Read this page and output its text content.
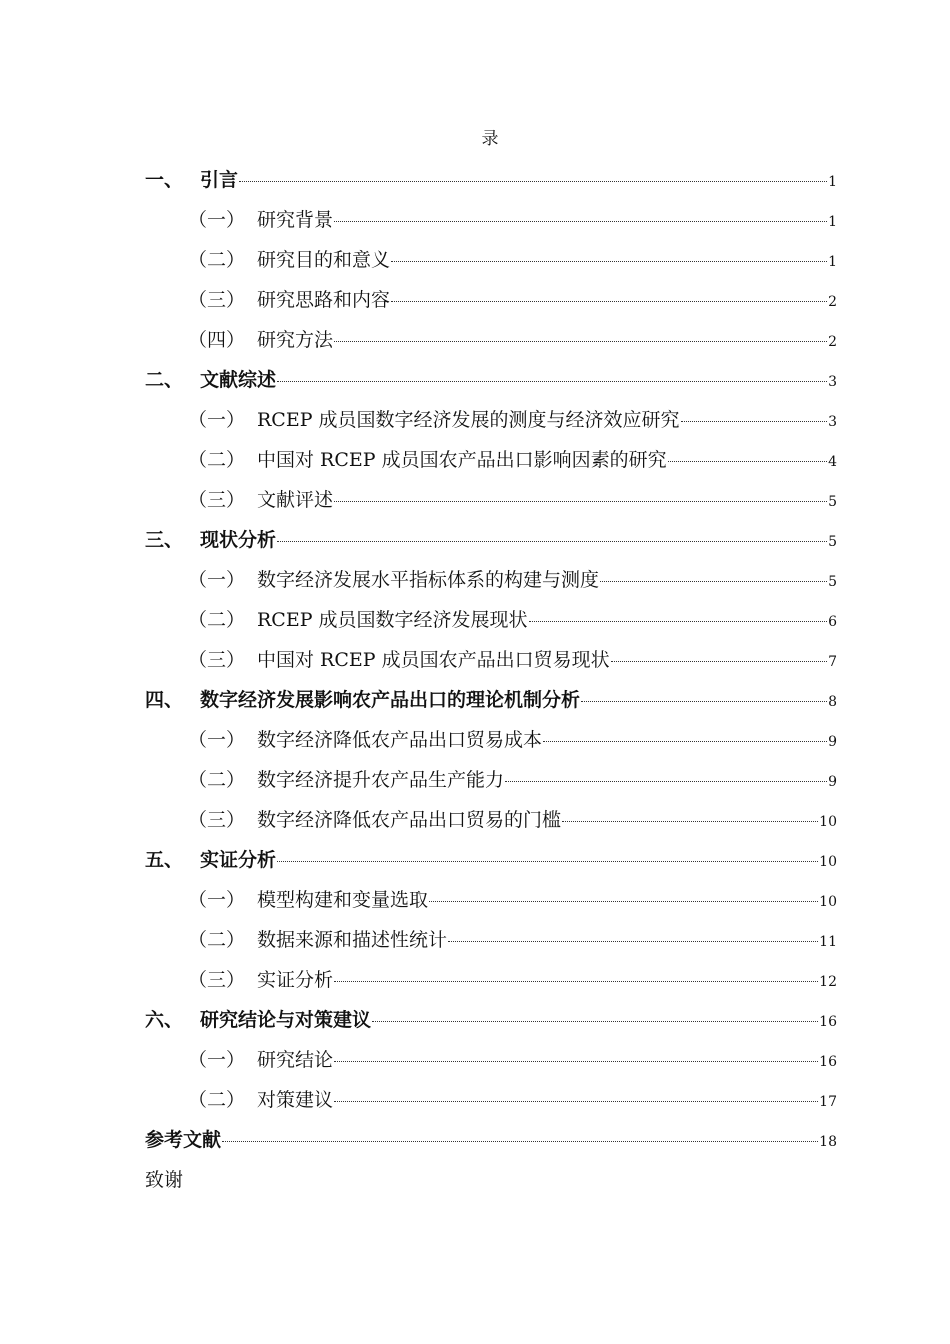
录
一、 引言	1
（一） 研究背景	1
（二） 研究目的和意义	1
（三） 研究思路和内容	2
（四） 研究方法	2
二、 文献综述	3
（一） RCEP 成员国数字经济发展的测度与经济效应研究	3
（二） 中国对 RCEP 成员国农产品出口影响因素的研究	4
（三） 文献评述	5
三、 现状分析	5
（一） 数字经济发展水平指标体系的构建与测度	5
（二） RCEP 成员国数字经济发展现状	6
（三） 中国对 RCEP 成员国农产品出口贸易现状	7
四、 数字经济发展影响农产品出口的理论机制分析	8
（一） 数字经济降低农产品出口贸易成本	9
（二） 数字经济提升农产品生产能力	9
（三） 数字经济降低农产品出口贸易的门槛	10
五、 实证分析	10
（一） 模型构建和变量选取	10
（二） 数据来源和描述性统计	11
（三） 实证分析	12
六、 研究结论与对策建议	16
（一） 研究结论	16
（二） 对策建议	17
参考文献	18
致谢
